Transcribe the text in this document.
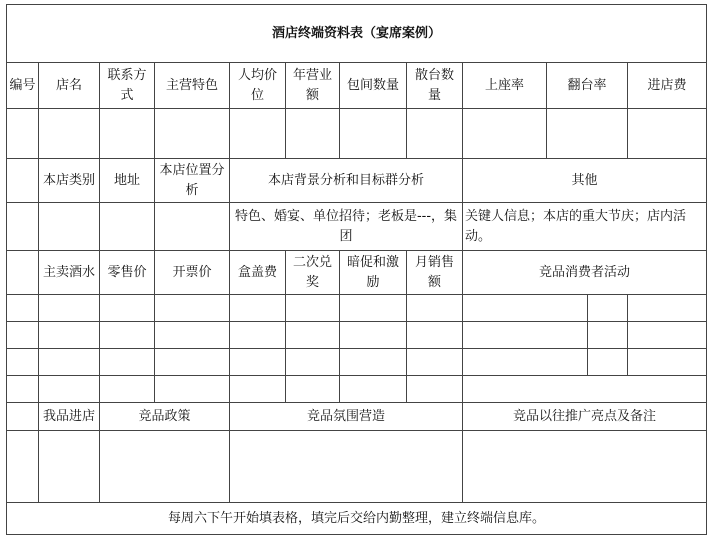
酒店终端资料表（宴席案例）											
编号	店名	联系方式	主营特色	人均价位	年营业额	包间数量	散台数量	上座率	翻台率		进店费

	本店类别	地址	本店位置分析	本店背景分析和目标群分析				其他			
				特色、婚宴、单位招待；老板是---，集团				关键人信息；本店的重大节庆；店内活动。			
	主卖酒水	零售价	开票价	盒盖费	二次兑奖	暗促和激励	月销售额	竞品消费者活动			

	我品进店	竞品政策		竞品氛围营造				竞品以往推广亮点及备注			

每周六下午开始填表格，填完后交给内勤整理，建立终端信息库。											
